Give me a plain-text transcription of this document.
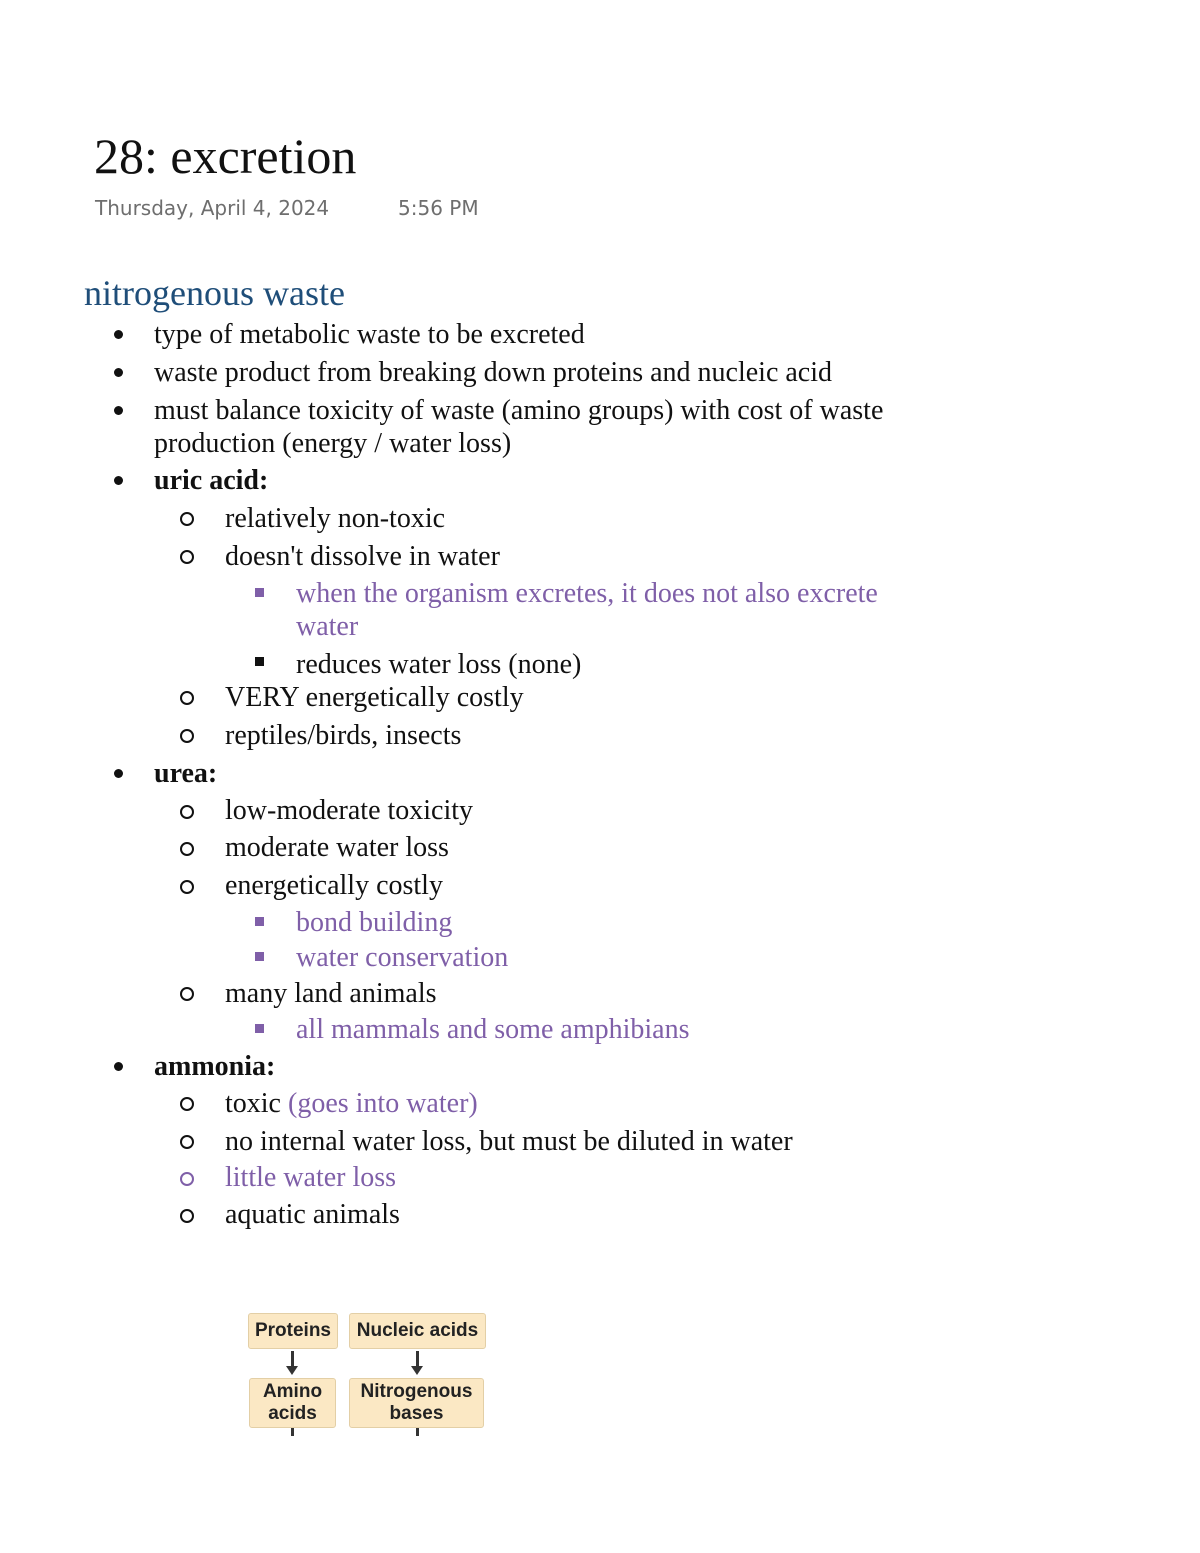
28: excretion
Thursday, April 4, 2024	5:56 PM
nitrogenous waste
type of metabolic waste to be excreted
waste product from breaking down proteins and nucleic acid
must balance toxicity of waste (amino groups) with cost of waste
production (energy / water loss)
uric acid:
relatively non-toxic
doesn't dissolve in water
when the organism excretes, it does not also excrete
water
reduces water loss (none)
VERY energetically costly
reptiles/birds, insects
urea:
low-moderate toxicity
moderate water loss
energetically costly
bond building
water conservation
many land animals
all mammals and some amphibians
ammonia:
toxic (goes into water)
no internal water loss, but must be diluted in water
little water loss
aquatic animals
Proteins	Nucleic acids
Amino
acids
Nitrogenous
bases
